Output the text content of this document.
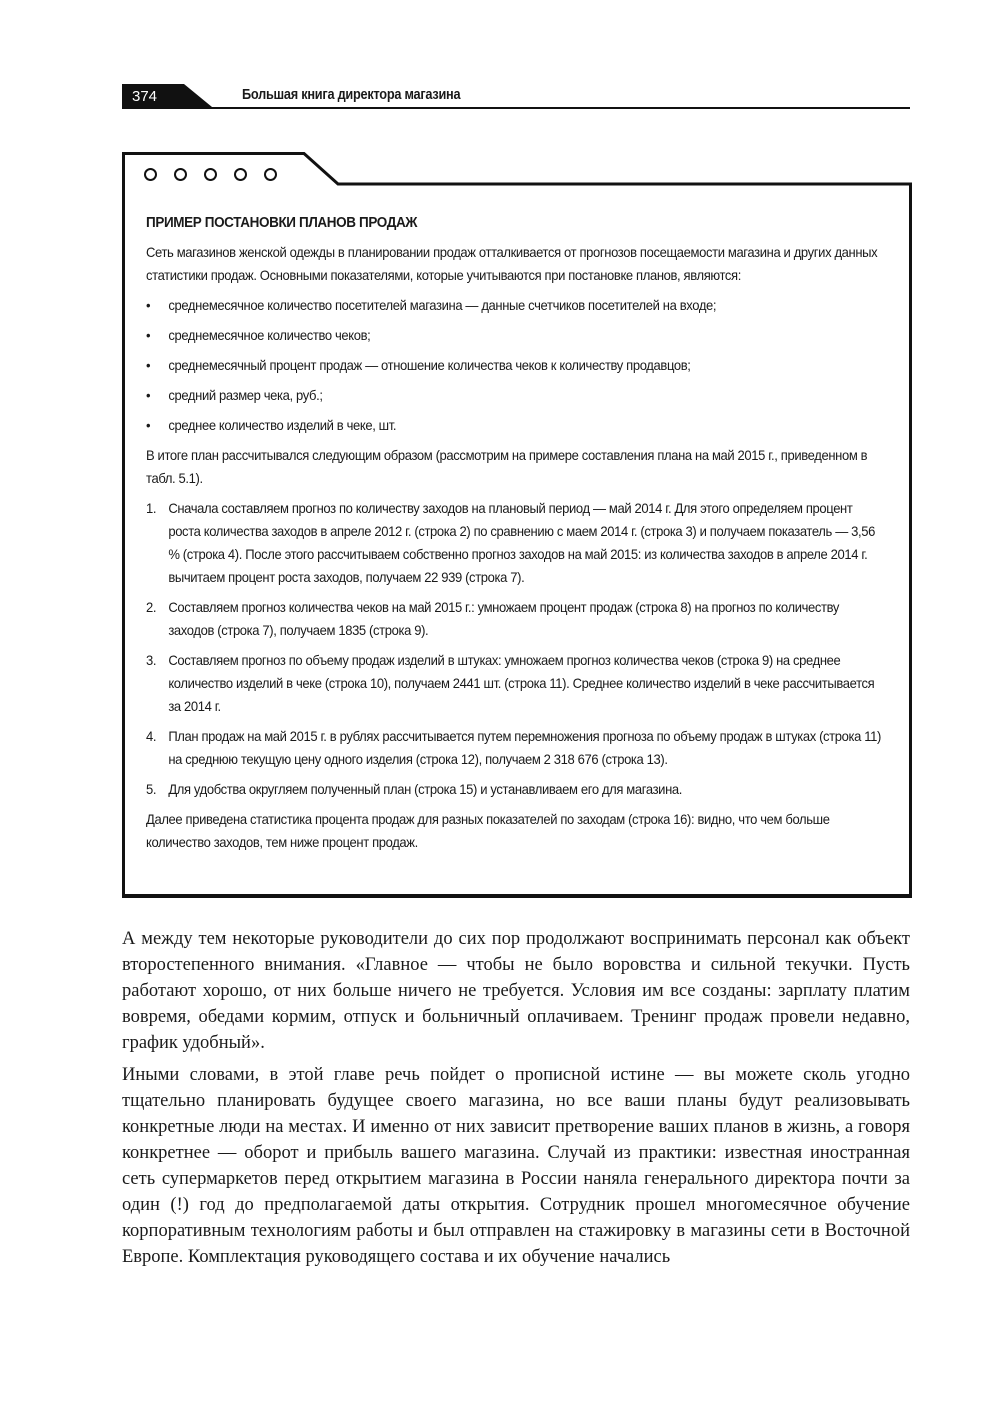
374	Большая книга директора магазина
ПРИМЕР ПОСТАНОВКИ ПЛАНОВ ПРОДАЖ

Сеть магазинов женской одежды в планировании продаж отталкивается от прогнозов посещаемости магазина и других данных статистики продаж. Основными показателями, которые учитываются при постановке планов, являются:

• среднемесячное количество посетителей магазина — данные счетчиков посетителей на входе;
• среднемесячное количество чеков;
• среднемесячный процент продаж — отношение количества чеков к количеству продавцов;
• средний размер чека, руб.;
• среднее количество изделий в чеке, шт.

В итоге план рассчитывался следующим образом (рассмотрим на примере составления плана на май 2015 г., приведенном в табл. 5.1).

1. Сначала составляем прогноз по количеству заходов на плановый период — май 2014 г. Для этого определяем процент роста количества заходов в апреле 2012 г. (строка 2) по сравнению с маем 2014 г. (строка 3) и получаем показатель — 3,56 % (строка 4). После этого рассчитываем собственно прогноз заходов на май 2015: из количества заходов в апреле 2014 г. вычитаем процент роста заходов, получаем 22 939 (строка 7).
2. Составляем прогноз количества чеков на май 2015 г.: умножаем процент продаж (строка 8) на прогноз по количеству заходов (строка 7), получаем 1835 (строка 9).
3. Составляем прогноз по объему продаж изделий в штуках: умножаем прогноз количества чеков (строка 9) на среднее количество изделий в чеке (строка 10), получаем 2441 шт. (строка 11). Среднее количество изделий в чеке рассчитывается за 2014 г.
4. План продаж на май 2015 г. в рублях рассчитывается путем перемножения прогноза по объему продаж в штуках (строка 11) на среднюю текущую цену одного изделия (строка 12), получаем 2 318 676 (строка 13).
5. Для удобства округляем полученный план (строка 15) и устанавливаем его для магазина.

Далее приведена статистика процента продаж для разных показателей по заходам (строка 16): видно, что чем больше количество заходов, тем ниже процент продаж.

А между тем некоторые руководители до сих пор продолжают воспринимать персонал как объект второстепенного внимания. «Главное — чтобы не было воровства и сильной текучки. Пусть работают хорошо, от них больше ничего не требуется. Условия им все созданы: зарплату платим вовремя, обедами кормим, отпуск и больничный оплачиваем. Тренинг продаж провели недавно, график удобный».

Иными словами, в этой главе речь пойдет о прописной истине — вы можете сколь угодно тщательно планировать будущее своего магазина, но все ваши планы будут реализовывать конкретные люди на местах. И именно от них зависит претворение ваших планов в жизнь, а говоря конкретнее — оборот и прибыль вашего магазина. Случай из практики: известная иностранная сеть супермаркетов перед открытием магазина в России наняла генерального директора почти за один (!) год до предполагаемой даты открытия. Сотрудник прошел многомесячное обучение корпоративным технологиям работы и был отправлен на стажировку в магазины сети в Восточной Европе. Комплектация руководящего состава и их обучение начались
